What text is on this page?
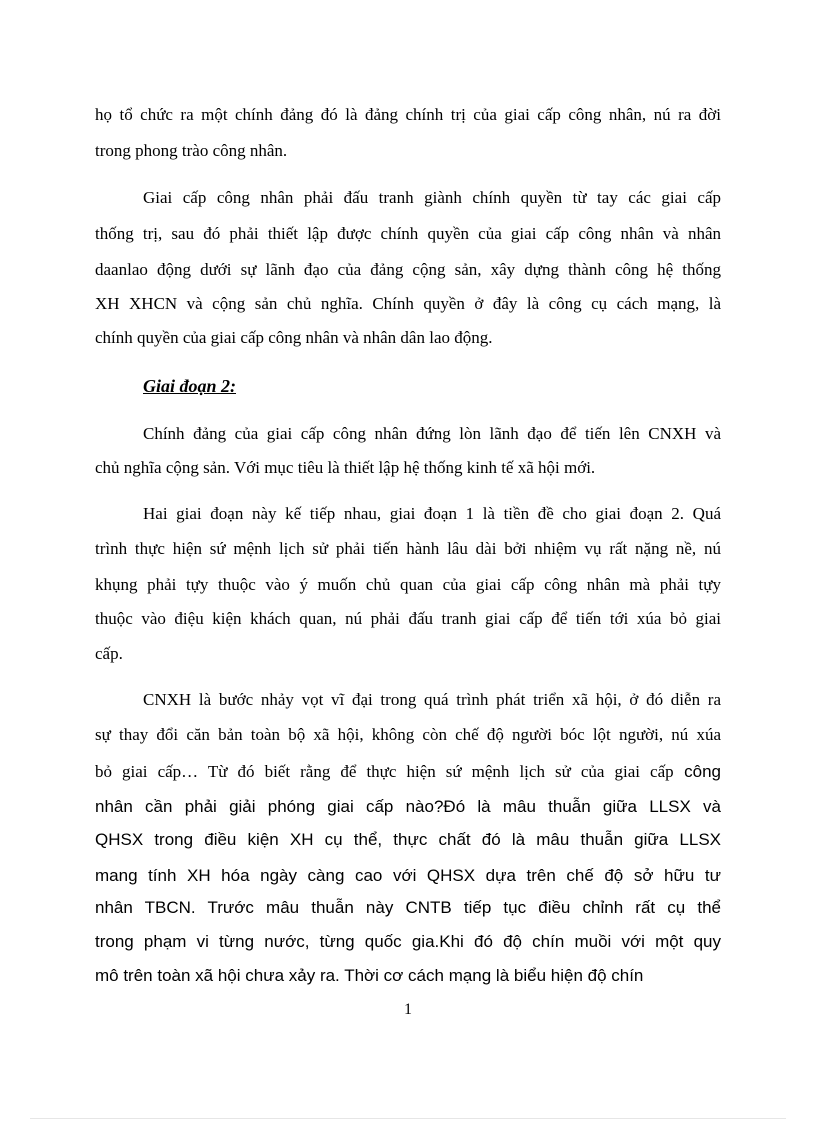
họ tổ chức ra một chính đảng đó là đảng chính trị của giai cấp công nhân, nú ra đời
trong phong trào công nhân.
Giai cấp công nhân phải đấu tranh giành chính quyền từ tay các giai cấp
thống trị, sau đó phải thiết lập được chính quyền của giai cấp công nhân và nhân
daanlao động dưới sự lãnh đạo của đảng cộng sản, xây dựng thành công hệ thống
XH XHCN và cộng sản chủ nghĩa. Chính quyền ở đây là công cụ cách mạng, là
chính quyền của giai cấp công nhân và nhân dân lao động.
Giai đoạn 2:
Chính đảng của giai cấp công nhân đứng lòn lãnh đạo để tiến lên CNXH và
chủ nghĩa cộng sản. Với mục tiêu là thiết lập hệ thống kinh tế xã hội mới.
Hai giai đoạn này kế tiếp nhau, giai đoạn 1 là tiền đề cho giai đoạn 2. Quá
trình thực hiện sứ mệnh lịch sử phải tiến hành lâu dài bởi nhiệm vụ rất nặng nề, nú
khụng phải tựy thuộc vào ý muốn chủ quan của giai cấp công nhân mà phải tựy
thuộc vào điệu kiện khách quan, nú phải đấu tranh giai cấp để tiến tới xúa bỏ giai
cấp.
CNXH là bước nhảy vọt vĩ đại trong quá trình phát triển xã hội, ở đó diễn ra
sự thay đổi căn bản toàn bộ xã hội, không còn chế độ người bóc lột người, nú xúa
bỏ giai cấp… Từ đó biết rằng để thực hiện sứ mệnh lịch sử của giai cấp công
nhân cần phải giải phóng giai cấp nào?Đó là mâu thuẫn giữa LLSX và
QHSX trong điều kiện XH cụ thể, thực chất đó là mâu thuẫn giữa LLSX
mang tính XH hóa ngày càng cao với QHSX dựa trên chế độ sở hữu tư
nhân TBCN. Trước mâu thuẫn này CNTB tiếp tục điều chỉnh rất cụ thể
trong phạm vi từng nước, từng quốc gia.Khi đó độ chín muồi với một quy
mô trên toàn xã hội chưa xảy ra. Thời cơ cách mạng là biểu hiện độ chín
1
